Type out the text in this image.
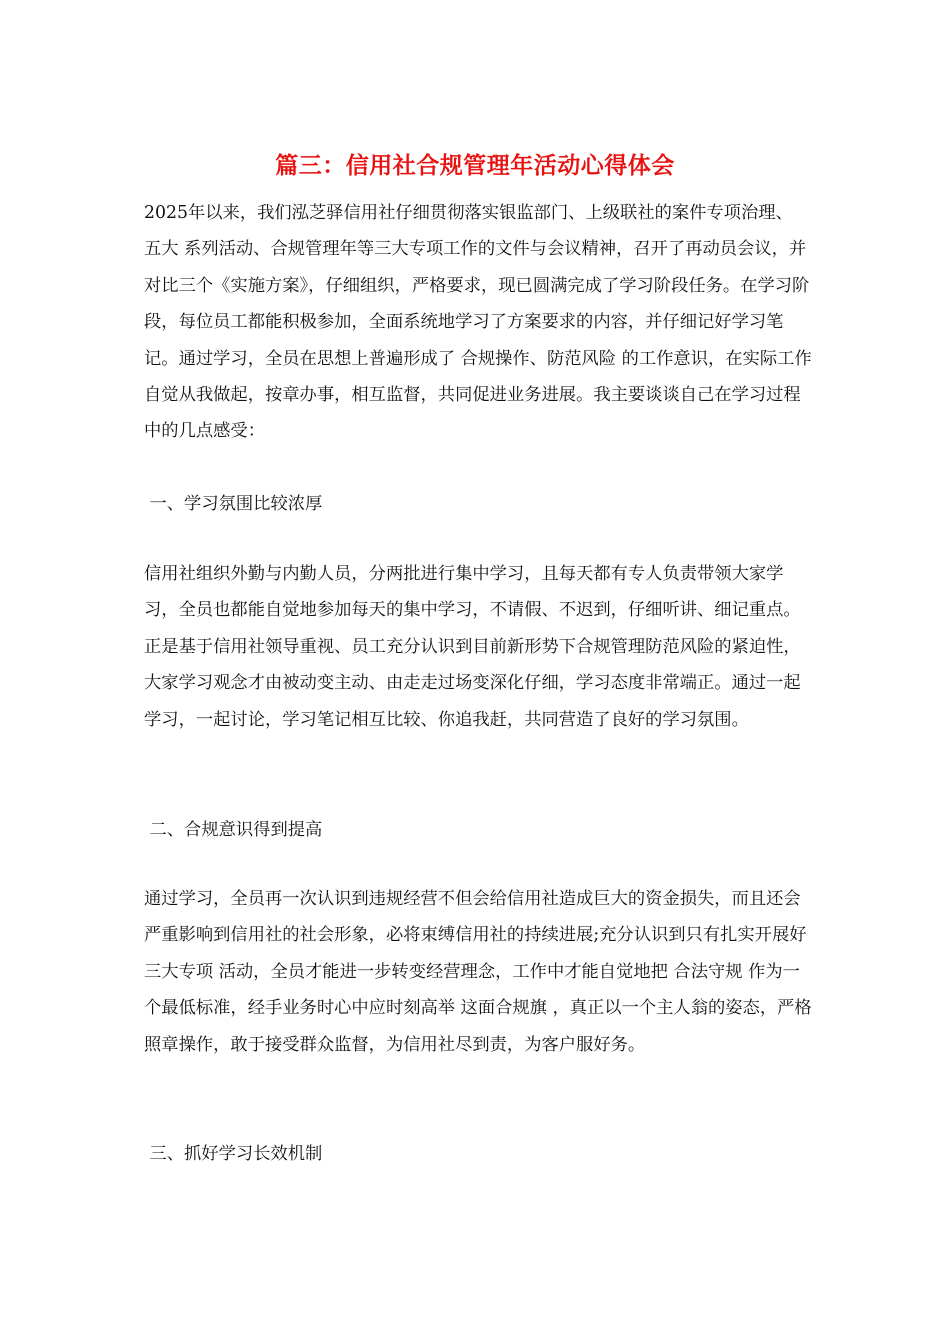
篇三：信用社合规管理年活动心得体会

2025年以来，我们泓芝驿信用社仔细贯彻落实银监部门、上级联社的案件专项治理、 五大 系列活动、合规管理年等三大专项工作的文件与会议精神，召开了再动员会议，并对比三个《实施方案》，仔细组织，严格要求，现已圆满完成了学习阶段任务。在学习阶段，每位员工都能积极参加，全面系统地学习了方案要求的内容，并仔细记好学习笔记。通过学习，全员在思想上普遍形成了 合规操作、防范风险 的工作意识，在实际工作自觉从我做起，按章办事，相互监督，共同促进业务进展。我主要谈谈自己在学习过程中的几点感受：

一、学习氛围比较浓厚

信用社组织外勤与内勤人员，分两批进行集中学习，且每天都有专人负责带领大家学习，全员也都能自觉地参加每天的集中学习，不请假、不迟到，仔细听讲、细记重点。正是基于信用社领导重视、员工充分认识到目前新形势下合规管理防范风险的紧迫性，大家学习观念才由被动变主动、由走走过场变深化仔细，学习态度非常端正。通过一起学习，一起讨论，学习笔记相互比较、你追我赶，共同营造了良好的学习氛围。

二、合规意识得到提高

通过学习，全员再一次认识到违规经营不但会给信用社造成巨大的资金损失，而且还会严重影响到信用社的社会形象，必将束缚信用社的持续进展;充分认识到只有扎实开展好 三大专项 活动，全员才能进一步转变经营理念，工作中才能自觉地把 合法守规 作为一个最低标准，经手业务时心中应时刻高举 这面合规旗 ，真正以一个主人翁的姿态，严格照章操作，敢于接受群众监督，为信用社尽到责，为客户服好务。

三、抓好学习长效机制
